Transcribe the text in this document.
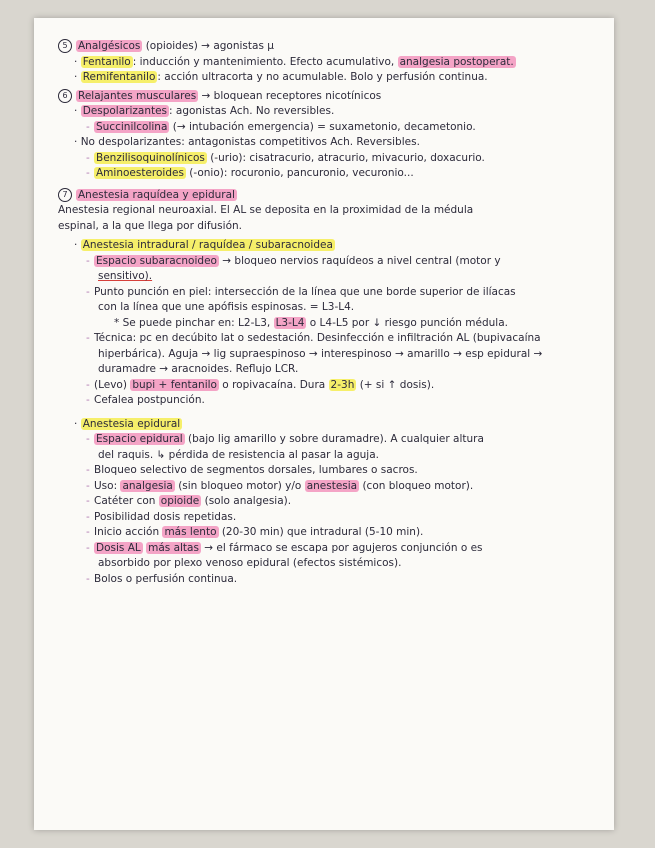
5 Analgésicos (opioides) → agonistas μ
· Fentanilo : inducción y mantenimiento. Efecto acumulativo, analgesia postoperat.
· Remifentanilo : acción ultracorta y no acumulable. Bolo y perfusión continua.
6 Relajantes musculares → bloquean receptores nicotínicos
· Despolarizantes : agonistas Ach. No reversibles.
- Succinilcolina (→ intubación emergencia) = suxametonio, decametonio.
· No despolarizantes: antagonistas competitivos Ach. Reversibles.
- Benzilisoquinolínicos (-urio): cisatracurio, atracurio, mivacurio, doxacurio.
- Aminoesteroides (-onio): rocuronio, pancuronio, vecuronio...
7 Anestesia raquídea y epidural
Anestesia regional neuroaxial. El AL se deposita en la proximidad de la médula
espinal, a la que llega por difusión.
· Anestesia intradural / raquídea / subaracnoidea
- Espacio subaracnoideo → bloqueo nervios raquídeos a nivel central (motor y
sensitivo).
- Punto punción en piel: intersección de la línea que une borde superior de ilíacas
con la línea que une apófisis espinosas. = L3-L4.
* Se puede pinchar en: L2-L3, L3-L4 o L4-L5 por ↓ riesgo punción médula.
- Técnica: pc en decúbito lat o sedestación. Desinfección e infiltración AL (bupivacaína
hiperbárica). Aguja → lig supraespinoso → interespinoso → amarillo → esp epidural →
duramadre → aracnoides. Reflujo LCR.
- (Levo) bupi + fentanilo o ropivacaína. Dura 2-3h (+ si ↑ dosis).
- Cefalea postpunción.
· Anestesia epidural
- Espacio epidural (bajo lig amarillo y sobre duramadre). A cualquier altura
del raquis. ↳ pérdida de resistencia al pasar la aguja.
- Bloqueo selectivo de segmentos dorsales, lumbares o sacros.
- Uso: analgesia (sin bloqueo motor) y/o anestesia (con bloqueo motor).
- Catéter con opioide (solo analgesia).
- Posibilidad dosis repetidas.
- Inicio acción más lento (20-30 min) que intradural (5-10 min).
- Dosis AL más altas → el fármaco se escapa por agujeros conjunción o es
absorbido por plexo venoso epidural (efectos sistémicos).
- Bolos o perfusión continua.
